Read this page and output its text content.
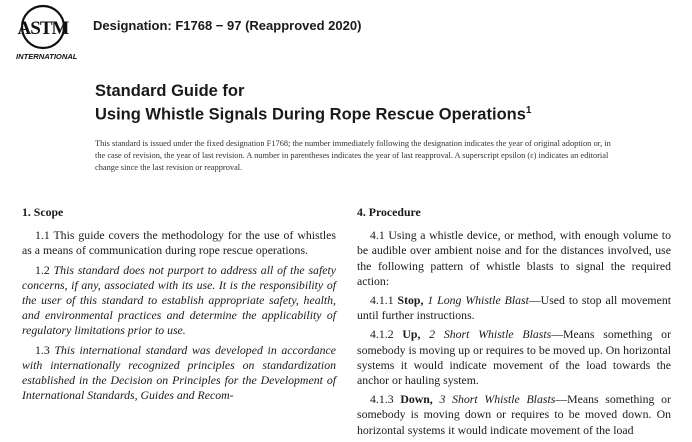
ASTM
INTERNATIONAL
Designation: F1768 − 97 (Reapproved 2020)
Standard Guide for
Using Whistle Signals During Rope Rescue Operations$^1$
This standard is issued under the fixed designation F1768; the number immediately following the designation indicates the year of original adoption or, in the case of revision, the year of last revision. A number in parentheses indicates the year of last reapproval. A superscript epsilon (ε) indicates an editorial change since the last revision or reapproval.
1. Scope

1.1 This guide covers the methodology for the use of whistles as a means of communication during rope rescue operations.

1.2 This standard does not purport to address all of the safety concerns, if any, associated with its use. It is the responsibility of the user of this standard to establish appropriate safety, health, and environmental practices and determine the applicability of regulatory limitations prior to use.

1.3 This international standard was developed in accordance with internationally recognized principles on standardization established in the Decision on Principles for the Development of International Standards, Guides and Recom-

4. Procedure

4.1 Using a whistle device, or method, with enough volume to be audible over ambient noise and for the distances involved, use the following pattern of whistle blasts to signal the required action:

4.1.1 Stop, 1 Long Whistle Blast—Used to stop all movement until further instructions.

4.1.2 Up, 2 Short Whistle Blasts—Means something or somebody is moving up or requires to be moved up. On horizontal systems it would indicate movement of the load towards the anchor or hauling system.

4.1.3 Down, 3 Short Whistle Blasts—Means something or somebody is moving down or requires to be moved down. On horizontal systems it would indicate movement of the load
